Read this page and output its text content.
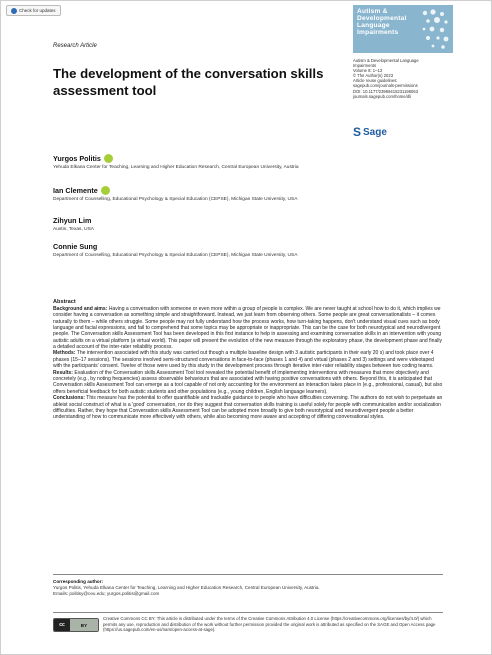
Check for updates	Autism &
Developmental
Language
Impairments
Research Article
Autism & Developmental Language
Impairments
Volume 8: 1–13
© The Author(s) 2023
Article reuse guidelines:
sagepub.com/journals-permissions
DOI: 10.1177/23969415231196063
journals.sagepub.com/home/dli
S Sage
The development of the conversation skills assessment tool
Yurgos Politis
Yehuda Elkana Center for Teaching, Learning and Higher Education Research, Central European University, Austria
Ian Clemente
Department of Counselling, Educational Psychology & Special Education (CEPSE), Michigan State University, USA
Zihyun Lim
Austin, Texas, USA
Connie Sung
Department of Counselling, Educational Psychology & Special Education (CEPSE), Michigan State University, USA
Abstract

Background and aims: Having a conversation with someone or even more within a group of people is complex. We are never taught at school how to do it, which implies we consider having a conversation as something simple and straightforward. Instead, we just learn from observing others. Some people are great conversationalists – it comes naturally to them – while others struggle. Some people may not fully understand how the process works, how turn-taking happens, don't understand visual cues such as body language and facial expressions, and fail to comprehend that some topics may be appropriate or inappropriate. This can be the case for both neurotypical and neurodivergent people. The Conversation skills Assessment Tool has been developed in this first instance to help in assessing and examining conversation skills in an intervention with young autistic adults on a virtual platform (a virtual world). This paper will present the evolution of the new measure through the exploratory phase, the development phase and finally a detailed account of the inter-rater reliability process.

Methods: The intervention associated with this study was carried out though a multiple baseline design with 3 autistic participants in their early 20 s) and took place over 4 phases (15–17 sessions). The sessions involved semi-structured conversations in face-to-face (phases 1 and 4) and virtual (phases 2 and 3) settings and were videotaped with the participants' consent. Twelve of those were used by this study in the development process through iterative inter-rater reliability stages between two coding teams.

Results: Evaluation of the Conversation skills Assessment Tool tool revealed the potential benefit of implementing interventions with measures that more objectively and concretely (e.g., by noting frequencies) assess observable behaviours that are associated with having positive conversations with others. Beyond this, it is anticipated that Conversation skills Assessment Tool can emerge as a tool capable of not only accounting for the environment an interaction takes place in (e.g., professional, casual), but also offers beneficial feedback for both autistic students and other populations (e.g., young children, English language learners).

Conclusions: This measure has the potential to offer quantifiable and trackable guidance to people who have difficulties conversing. The authors do not wish to perpetuate an ableist social construct of what is a 'good' conversation, nor do they suggest that conversation skills training is useful solely for people with communication and/or socialization difficulties. Rather, they hope that Conversation skills Assessment Tool can be adopted more broadly to give both neurotypical and neurodivergent people a better understanding of how to communicate more effectively with others, while also becoming more aware and accepting of differing conversational styles.

Corresponding author:
Yurgos Politis, Yehuda Elkana Center for Teaching, Learning and Higher Education Research, Central European University, Austria.
Emails: politisy@ceu.edu; yurgos.politis@gmail.com
cc	BY
Creative Commons CC BY: This article is distributed under the terms of the Creative Commons Attribution 4.0 License (https://creativecommons.org/licenses/by/4.0/) which permits any use, reproduction and distribution of the work without further permission provided the original work is attributed as specified on the SAGE and Open Access page (https://us.sagepub.com/en-us/nam/open-access-at-sage).
